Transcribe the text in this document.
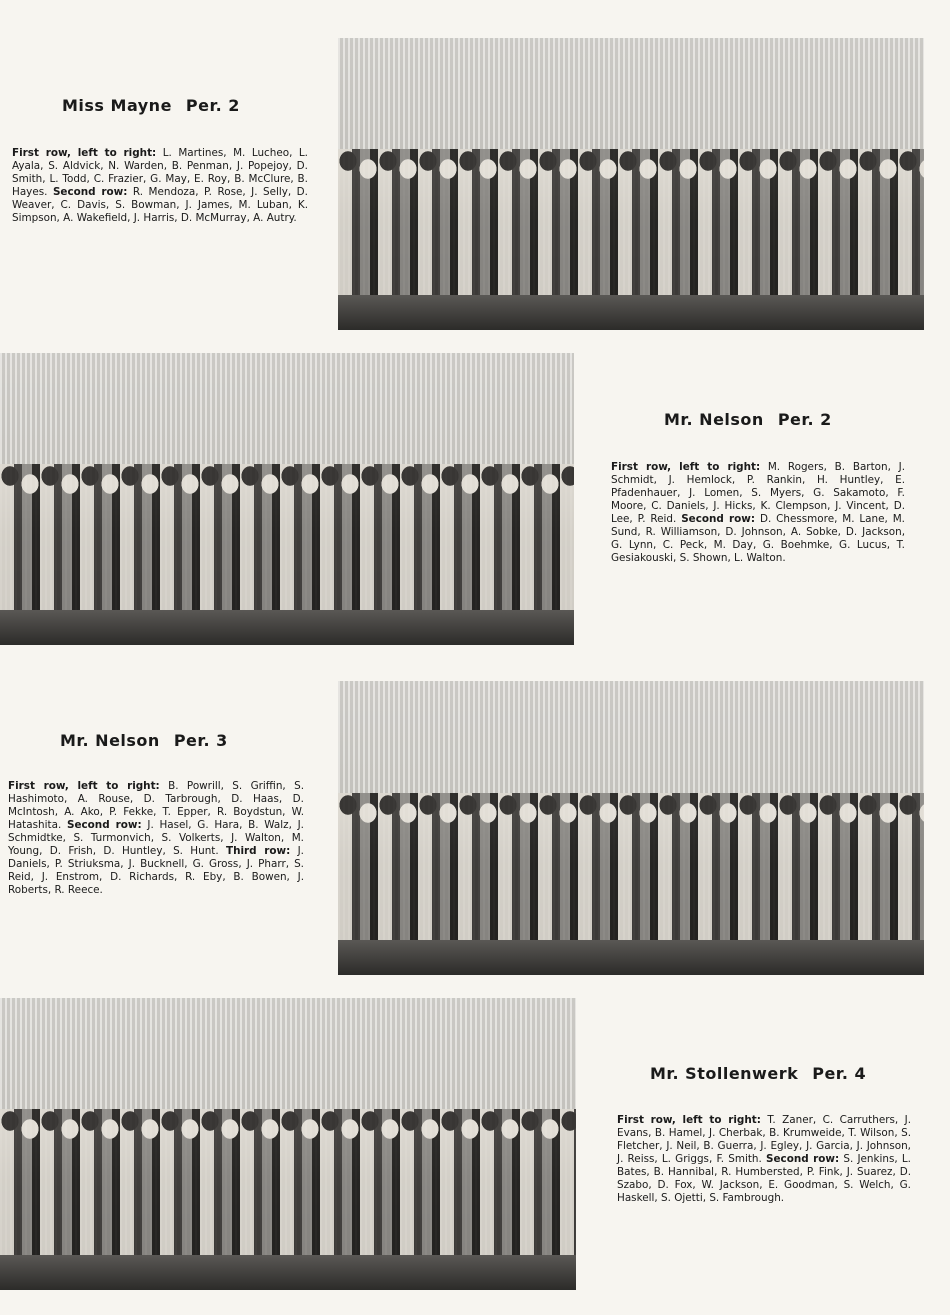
Miss Mayne Per. 2
First row, left to right: L. Martines, M. Lucheo, L. Ayala, S. Aldvick, N. Warden, B. Penman, J. Popejoy, D. Smith, L. Todd, C. Frazier, G. May, E. Roy, B. McClure, B. Hayes. Second row: R. Mendoza, P. Rose, J. Selly, D. Weaver, C. Davis, S. Bowman, J. James, M. Luban, K. Simpson, A. Wakefield, J. Harris, D. McMurray, A. Autry.
Mr. Nelson Per. 2
First row, left to right: M. Rogers, B. Barton, J. Schmidt, J. Hemlock, P. Rankin, H. Huntley, E. Pfadenhauer, J. Lomen, S. Myers, G. Sakamoto, F. Moore, C. Daniels, J. Hicks, K. Clempson, J. Vincent, D. Lee, P. Reid. Second row: D. Chessmore, M. Lane, M. Sund, R. Williamson, D. Johnson, A. Sobke, D. Jackson, G. Lynn, C. Peck, M. Day, G. Boehmke, G. Lucus, T. Gesiakouski, S. Shown, L. Walton.
Mr. Nelson Per. 3
First row, left to right: B. Powrill, S. Griffin, S. Hashimoto, A. Rouse, D. Tarbrough, D. Haas, D. McIntosh, A. Ako, P. Fekke, T. Epper, R. Boydstun, W. Hatashita. Second row: J. Hasel, G. Hara, B. Walz, J. Schmidtke, S. Turmonvich, S. Volkerts, J. Walton, M. Young, D. Frish, D. Huntley, S. Hunt. Third row: J. Daniels, P. Striuksma, J. Bucknell, G. Gross, J. Pharr, S. Reid, J. Enstrom, D. Richards, R. Eby, B. Bowen, J. Roberts, R. Reece.
Mr. Stollenwerk Per. 4
First row, left to right: T. Zaner, C. Carruthers, J. Evans, B. Hamel, J. Cherbak, B. Krumweide, T. Wilson, S. Fletcher, J. Neil, B. Guerra, J. Egley, J. Garcia, J. Johnson, J. Reiss, L. Griggs, F. Smith. Second row: S. Jenkins, L. Bates, B. Hannibal, R. Humbersted, P. Fink, J. Suarez, D. Szabo, D. Fox, W. Jackson, E. Goodman, S. Welch, G. Haskell, S. Ojetti, S. Fambrough.
